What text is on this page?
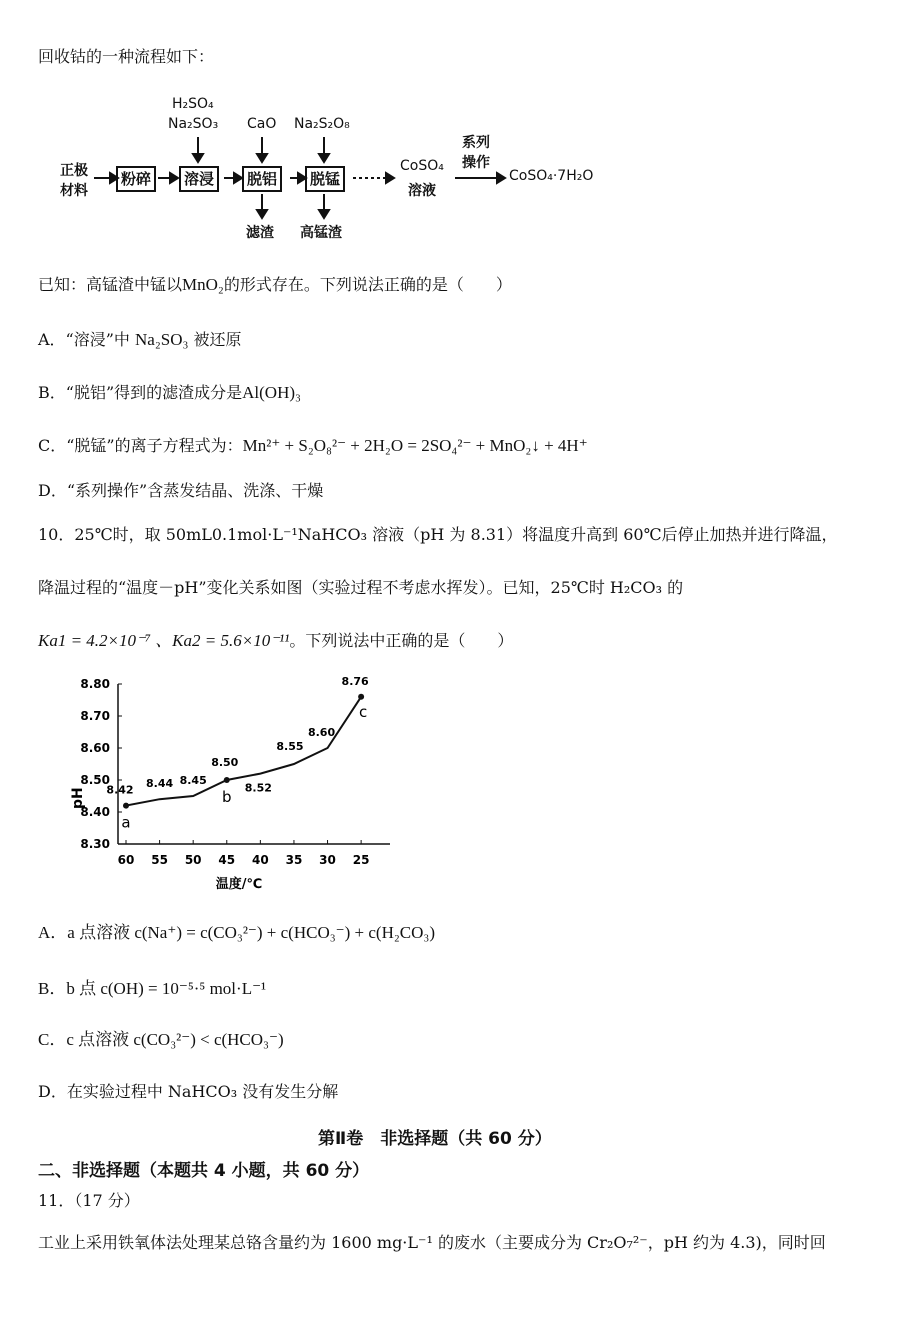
回收钴的一种流程如下：
正极
材料
粉碎	溶浸	脱铝	脱锰
H₂SO₄
Na₂SO₃ CaO Na₂S₂O₈
滤渣 高锰渣
CoSO₄
溶液
系列
操作
CoSO₄·7H₂O
已知：高锰渣中锰以MnO₂的形式存在。下列说法正确的是（　　）
A．“溶浸”中 Na₂SO₃ 被还原
B．“脱铝”得到的滤渣成分是Al(OH)₃
C．“脱锰”的离子方程式为：Mn²⁺ + S₂O₈²⁻ + 2H₂O = 2SO₄²⁻ + MnO₂↓ + 4H⁺
D．“系列操作”含蒸发结晶、洗涤、干燥
10．25℃时，取 50mL0.1mol·L⁻¹NaHCO₃ 溶液（pH 为 8.31）将温度升高到 60℃后停止加热并进行降温，
降温过程的“温度－pH”变化关系如图（实验过程不考虑水挥发）。已知，25℃时 H₂CO₃ 的
Ka1 = 4.2×10⁻⁷ 、Ka2 = 5.6×10⁻¹¹。下列说法中正确的是（　　）
8.80
8.70
8.60
8.50
8.40
8.30
60 55 50 45 40 35 30 25
温度/℃
pH 8.42 8.44 8.45
8.50
8.52
8.55
8.60
8.76
a
b
c
A．a 点溶液 c(Na⁺) = c(CO₃²⁻) + c(HCO₃⁻) + c(H₂CO₃)
B．b 点 c(OH) = 10⁻⁵·⁵ mol·L⁻¹
C．c 点溶液 c(CO₃²⁻) < c(HCO₃⁻)
D．在实验过程中 NaHCO₃ 没有发生分解
第Ⅱ卷　非选择题（共 60 分）
二、非选择题（本题共 4 小题，共 60 分）
11．（17 分）
工业上采用铁氧体法处理某总铬含量约为 1600 mg·L⁻¹ 的废水（主要成分为 Cr₂O₇²⁻，pH 约为 4.3)，同时回
